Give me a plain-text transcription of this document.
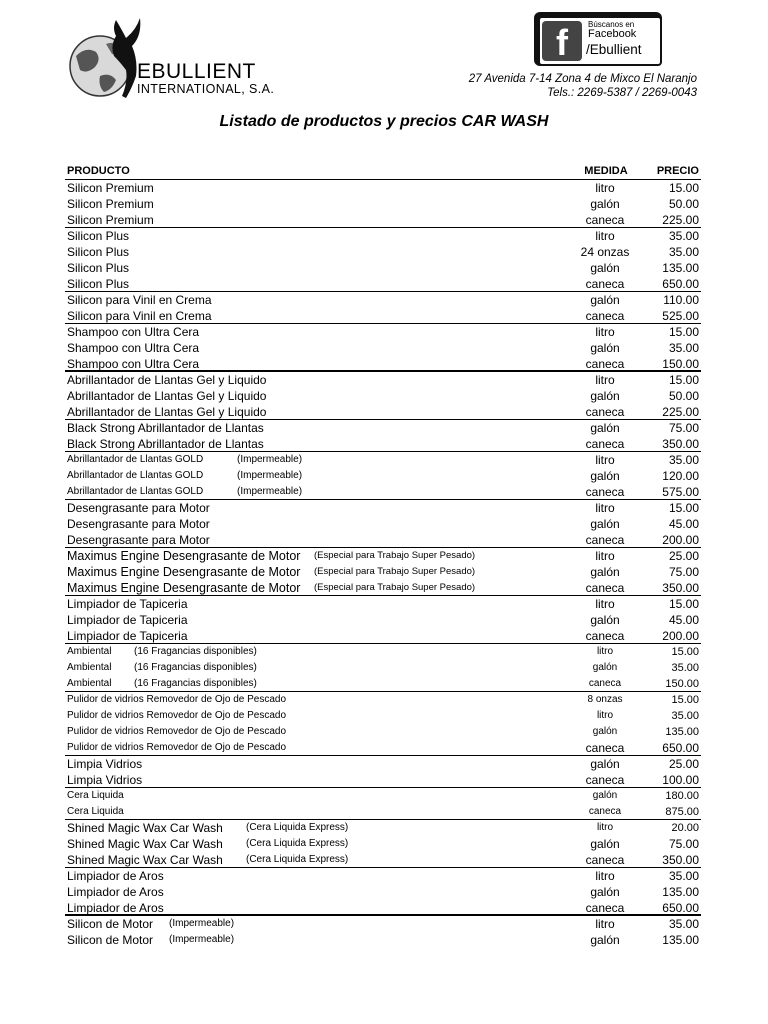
EBULLIENT
INTERNATIONAL, S.A.
f	Búscanos en
Facebook
/Ebullient
27 Avenida 7-14 Zona 4 de Mixco El Naranjo
Tels.: 2269-5387 / 2269-0043
Listado de productos y precios CAR WASH
PRODUCTO	MEDIDA	PRECIO
Silicon Premium	litro	15.00
Silicon Premium	galón	50.00
Silicon Premium	caneca	225.00
Silicon Plus	litro	35.00
Silicon Plus	24 onzas	35.00
Silicon Plus	galón	135.00
Silicon Plus	caneca	650.00
Silicon para Vinil en Crema	galón	110.00
Silicon para Vinil en Crema	caneca	525.00
Shampoo con Ultra Cera	litro	15.00
Shampoo con Ultra Cera	galón	35.00
Shampoo con Ultra Cera	caneca	150.00
Abrillantador de Llantas Gel y Liquido	litro	15.00
Abrillantador de Llantas Gel y Liquido	galón	50.00
Abrillantador de Llantas Gel y Liquido	caneca	225.00
Black Strong Abrillantador de Llantas	galón	75.00
Black Strong Abrillantador de Llantas	caneca	350.00
Abrillantador de Llantas GOLD	(Impermeable)	litro	35.00
Abrillantador de Llantas GOLD	(Impermeable)	galón	120.00
Abrillantador de Llantas GOLD	(Impermeable)	caneca	575.00
Desengrasante para Motor	litro	15.00
Desengrasante para Motor	galón	45.00
Desengrasante para Motor	caneca	200.00
Maximus Engine Desengrasante de Motor (Especial para Trabajo Super Pesado)	litro	25.00
Maximus Engine Desengrasante de Motor (Especial para Trabajo Super Pesado)	galón	75.00
Maximus Engine Desengrasante de Motor (Especial para Trabajo Super Pesado)	caneca	350.00
Limpiador de Tapiceria	litro	15.00
Limpiador de Tapiceria	galón	45.00
Limpiador de Tapiceria	caneca	200.00
Ambiental (16 Fragancias disponibles)	litro	15.00
Ambiental (16 Fragancias disponibles)	galón	35.00
Ambiental (16 Fragancias disponibles)	caneca	150.00
Pulidor de vidrios Removedor de Ojo de Pescado	8 onzas	15.00
Pulidor de vidrios Removedor de Ojo de Pescado	litro	35.00
Pulidor de vidrios Removedor de Ojo de Pescado	galón	135.00
Pulidor de vidrios Removedor de Ojo de Pescado	caneca	650.00
Limpia Vidrios	galón	25.00
Limpia Vidrios	caneca	100.00
Cera Liquida	galón	180.00
Cera Liquida	caneca	875.00
Shined Magic Wax Car Wash (Cera Liquida Express)	litro	20.00
Shined Magic Wax Car Wash (Cera Liquida Express)	galón	75.00
Shined Magic Wax Car Wash (Cera Liquida Express)	caneca	350.00
Limpiador de Aros	litro	35.00
Limpiador de Aros	galón	135.00
Limpiador de Aros	caneca	650.00
Silicon de Motor (Impermeable)	litro	35.00
Silicon de Motor (Impermeable)	galón	135.00
